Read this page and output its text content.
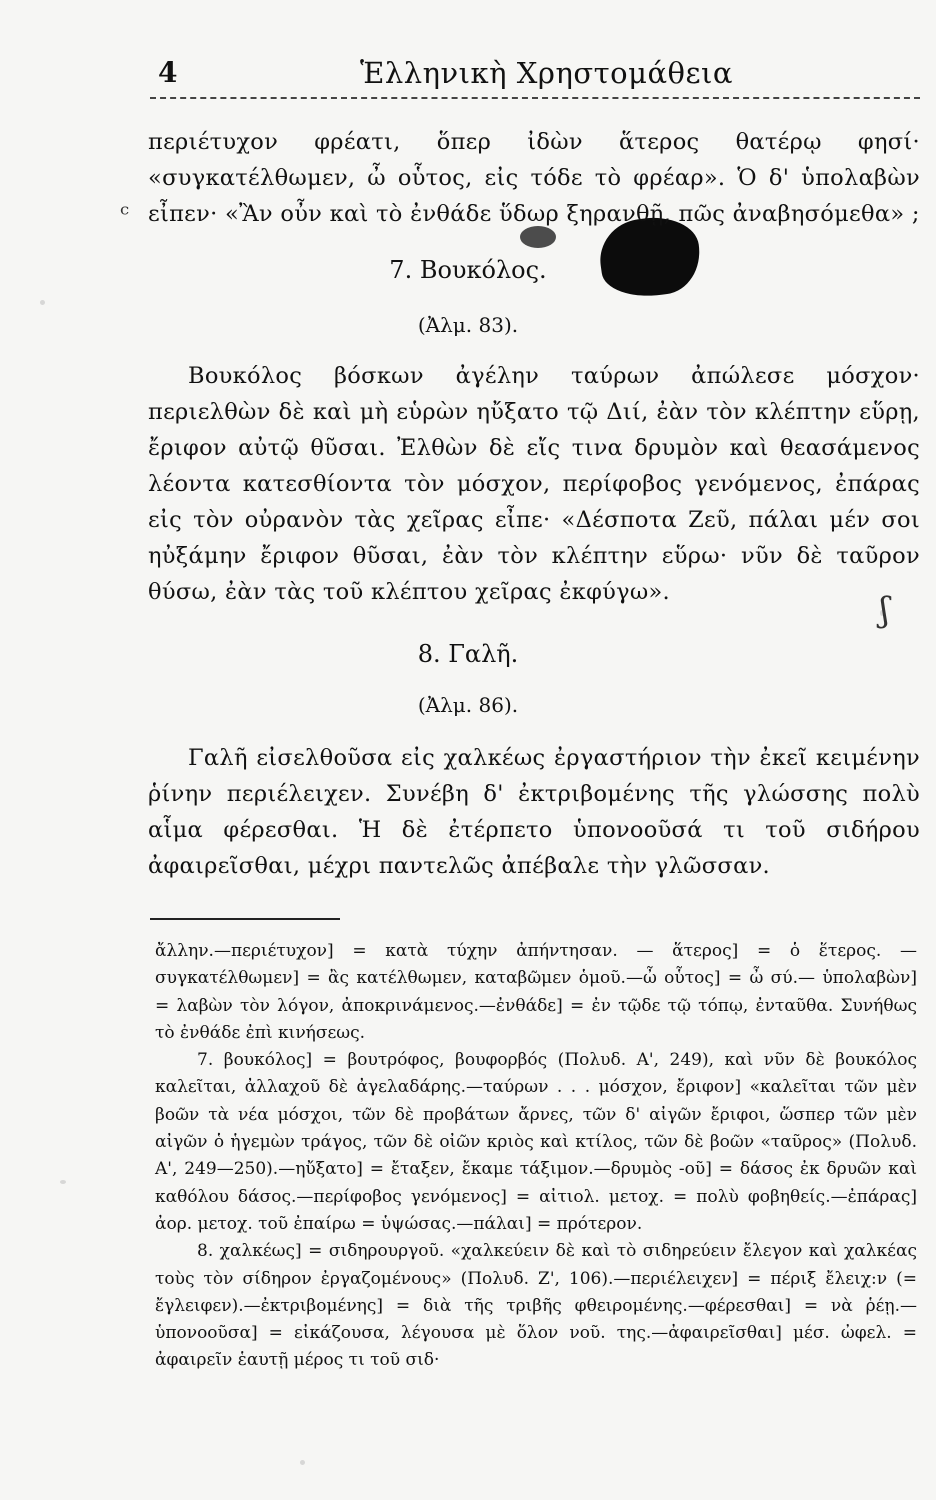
ᶜ
ʃ
4	Ἑλληνικὴ Χρηστομάθεια

περιέτυχον φρέατι, ὅπερ ἰδὼν ἅτερος θατέρῳ φησί· «συγκατέλθωμεν, ὦ οὗτος, εἰς τόδε τὸ φρέαρ». Ὁ δ' ὑπολαβὼν εἶπεν· «Ἂν οὖν καὶ τὸ ἐνθάδε ὕδωρ ξηρανθῇ, πῶς ἀναβησόμεθα» ;

7. Βουκόλος.
(Ἀλμ. 83).

Βουκόλος βόσκων ἀγέλην ταύρων ἀπώλεσε μόσχον· περιελθὼν δὲ καὶ μὴ εὑρὼν ηὔξατο τῷ Διί, ἐὰν τὸν κλέπτην εὕρῃ, ἔριφον αὐτῷ θῦσαι. Ἐλθὼν δὲ εἴς τινα δρυμὸν καὶ θεασάμενος λέοντα κατεσθίοντα τὸν μόσχον, περίφοβος γενόμενος, ἐπάρας εἰς τὸν οὐρανὸν τὰς χεῖρας εἶπε· «Δέσποτα Ζεῦ, πάλαι μέν σοι ηὐξάμην ἔριφον θῦσαι, ἐὰν τὸν κλέπτην εὕρω· νῦν δὲ ταῦρον θύσω, ἐὰν τὰς τοῦ κλέπτου χεῖρας ἐκφύγω».

8. Γαλῆ.
(Ἀλμ. 86).

Γαλῆ εἰσελθοῦσα εἰς χαλκέως ἐργαστήριον τὴν ἐκεῖ κειμένην ῥίνην περιέλειχεν. Συνέβη δ' ἐκτριβομένης τῆς γλώσσης πολὺ αἷμα φέρεσθαι. Ἡ δὲ ἐτέρπετο ὑπονοοῦσά τι τοῦ σιδήρου ἀφαιρεῖσθαι, μέχρι παντελῶς ἀπέβαλε τὴν γλῶσσαν.

ἄλλην.—περιέτυχον] = κατὰ τύχην ἀπήντησαν. — ἅτερος] = ὁ ἕτερος. — συγκατέλθωμεν] = ἂς κατέλθωμεν, καταβῶμεν ὁμοῦ.—ὦ οὗτος] = ὦ σύ.— ὑπολαβὼν] = λαβὼν τὸν λόγον, ἀποκρινάμενος.—ἐνθάδε] = ἐν τῷδε τῷ τόπῳ, ἐνταῦθα. Συνήθως τὸ ἐνθάδε ἐπὶ κινήσεως.

7. βουκόλος] = βουτρόφος, βουφορβός (Πολυδ. Α', 249), καὶ νῦν δὲ βουκόλος καλεῖται, ἀλλαχοῦ δὲ ἀγελαδάρης.—ταύρων . . . μόσχον, ἔριφον] «καλεῖται τῶν μὲν βοῶν τὰ νέα μόσχοι, τῶν δὲ προβάτων ἄρνες, τῶν δ' αἰγῶν ἔριφοι, ὥσπερ τῶν μὲν αἰγῶν ὁ ἡγεμὼν τράγος, τῶν δὲ οἰῶν κριὸς καὶ κτίλος, τῶν δὲ βοῶν «ταῦρος» (Πολυδ. Α', 249—250).—ηὔξατο] = ἔταξεν, ἔκαμε τάξιμον.—δρυμὸς -οῦ] = δάσος ἐκ δρυῶν καὶ καθόλου δάσος.—περίφοβος γενόμενος] = αἰτιολ. μετοχ. = πολὺ φοβηθείς.—ἐπάρας] ἀορ. μετοχ. τοῦ ἐπαίρω = ὑψώσας.—πάλαι] = πρότερον.

8. χαλκέως] = σιδηρουργοῦ. «χαλκεύειν δὲ καὶ τὸ σιδηρεύειν ἔλεγον καὶ χαλκέας τοὺς τὸν σίδηρον ἐργαζομένους» (Πολυδ. Ζ', 106).—περιέλειχεν] = πέριξ ἔλειχ:ν (= ἔγλειφεν).—ἐκτριβομένης] = διὰ τῆς τριβῆς φθειρομένης.—φέρεσθαι] = νὰ ῥέῃ.—ὑπονοοῦσα] = εἰκάζουσα, λέγουσα μὲ ὅλον νοῦ. της.—ἀφαιρεῖσθαι] μέσ. ὠφελ. = ἀφαιρεῖν ἑαυτῇ μέρος τι τοῦ σιδ·
